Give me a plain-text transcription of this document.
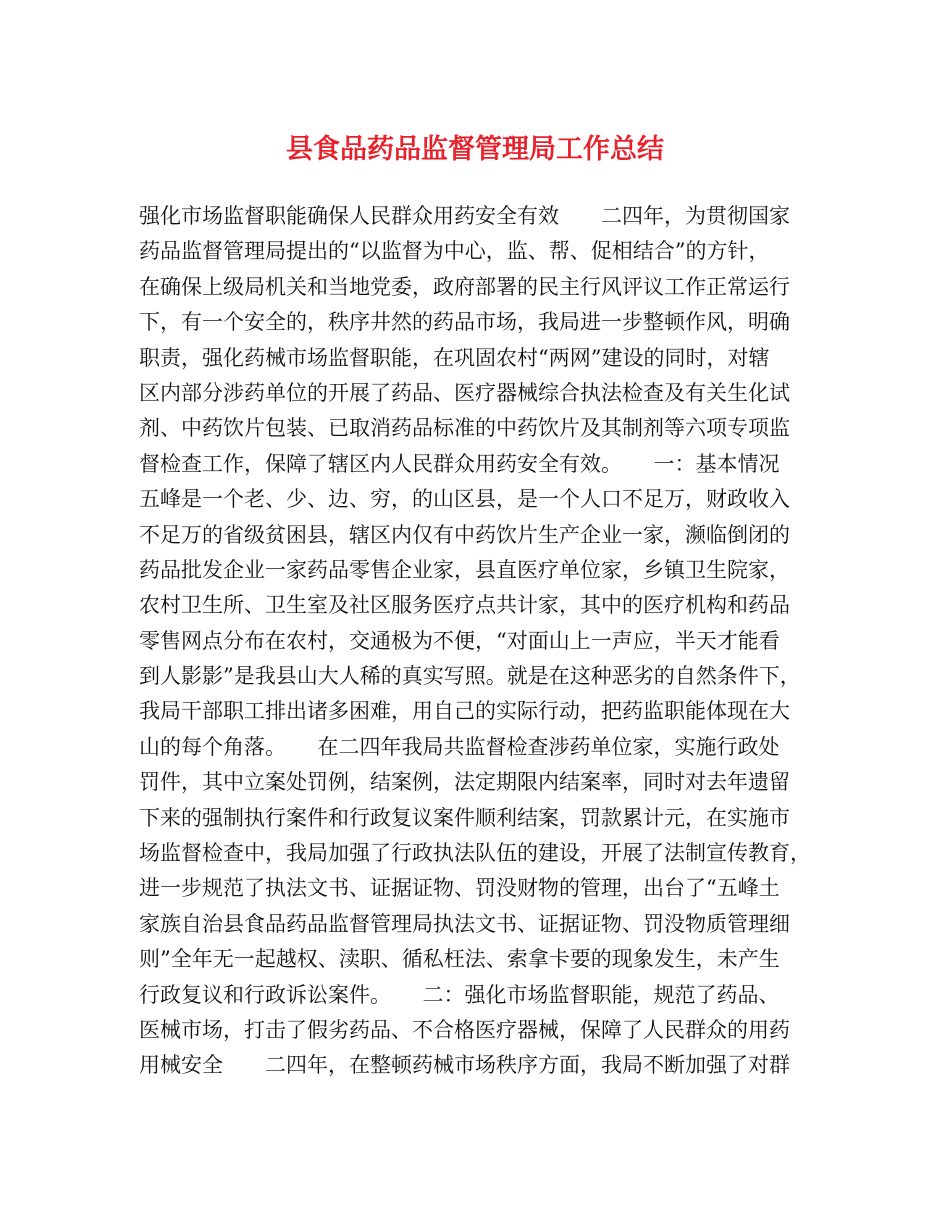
县食品药品监督管理局工作总结
强化市场监督职能确保人民群众用药安全有效　　二四年，为贯彻国家
药品监督管理局提出的“以监督为中心，监、帮、促相结合”的方针，
在确保上级局机关和当地党委，政府部署的民主行风评议工作正常运行
下，有一个安全的，秩序井然的药品市场，我局进一步整顿作风，明确
职责，强化药械市场监督职能，在巩固农村“两网”建设的同时，对辖
区内部分涉药单位的开展了药品、医疗器械综合执法检查及有关生化试
剂、中药饮片包装、已取消药品标准的中药饮片及其制剂等六项专项监
督检查工作，保障了辖区内人民群众用药安全有效。　　一：基本情况
五峰是一个老、少、边、穷，的山区县，是一个人口不足万，财政收入
不足万的省级贫困县，辖区内仅有中药饮片生产企业一家，濒临倒闭的
药品批发企业一家药品零售企业家，县直医疗单位家，乡镇卫生院家，
农村卫生所、卫生室及社区服务医疗点共计家，其中的医疗机构和药品
零售网点分布在农村，交通极为不便，“对面山上一声应，半天才能看
到人影影”是我县山大人稀的真实写照。就是在这种恶劣的自然条件下，
我局干部职工排出诸多困难，用自己的实际行动，把药监职能体现在大
山的每个角落。　　在二四年我局共监督检查涉药单位家，实施行政处
罚件，其中立案处罚例，结案例，法定期限内结案率，同时对去年遗留
下来的强制执行案件和行政复议案件顺利结案，罚款累计元，在实施市
场监督检查中，我局加强了行政执法队伍的建设，开展了法制宣传教育，
进一步规范了执法文书、证据证物、罚没财物的管理，出台了“五峰土
家族自治县食品药品监督管理局执法文书、证据证物、罚没物质管理细
则”全年无一起越权、渎职、循私枉法、索拿卡要的现象发生，未产生
行政复议和行政诉讼案件。　　二：强化市场监督职能，规范了药品、
医械市场，打击了假劣药品、不合格医疗器械，保障了人民群众的用药
用械安全　　二四年，在整顿药械市场秩序方面，我局不断加强了对群
